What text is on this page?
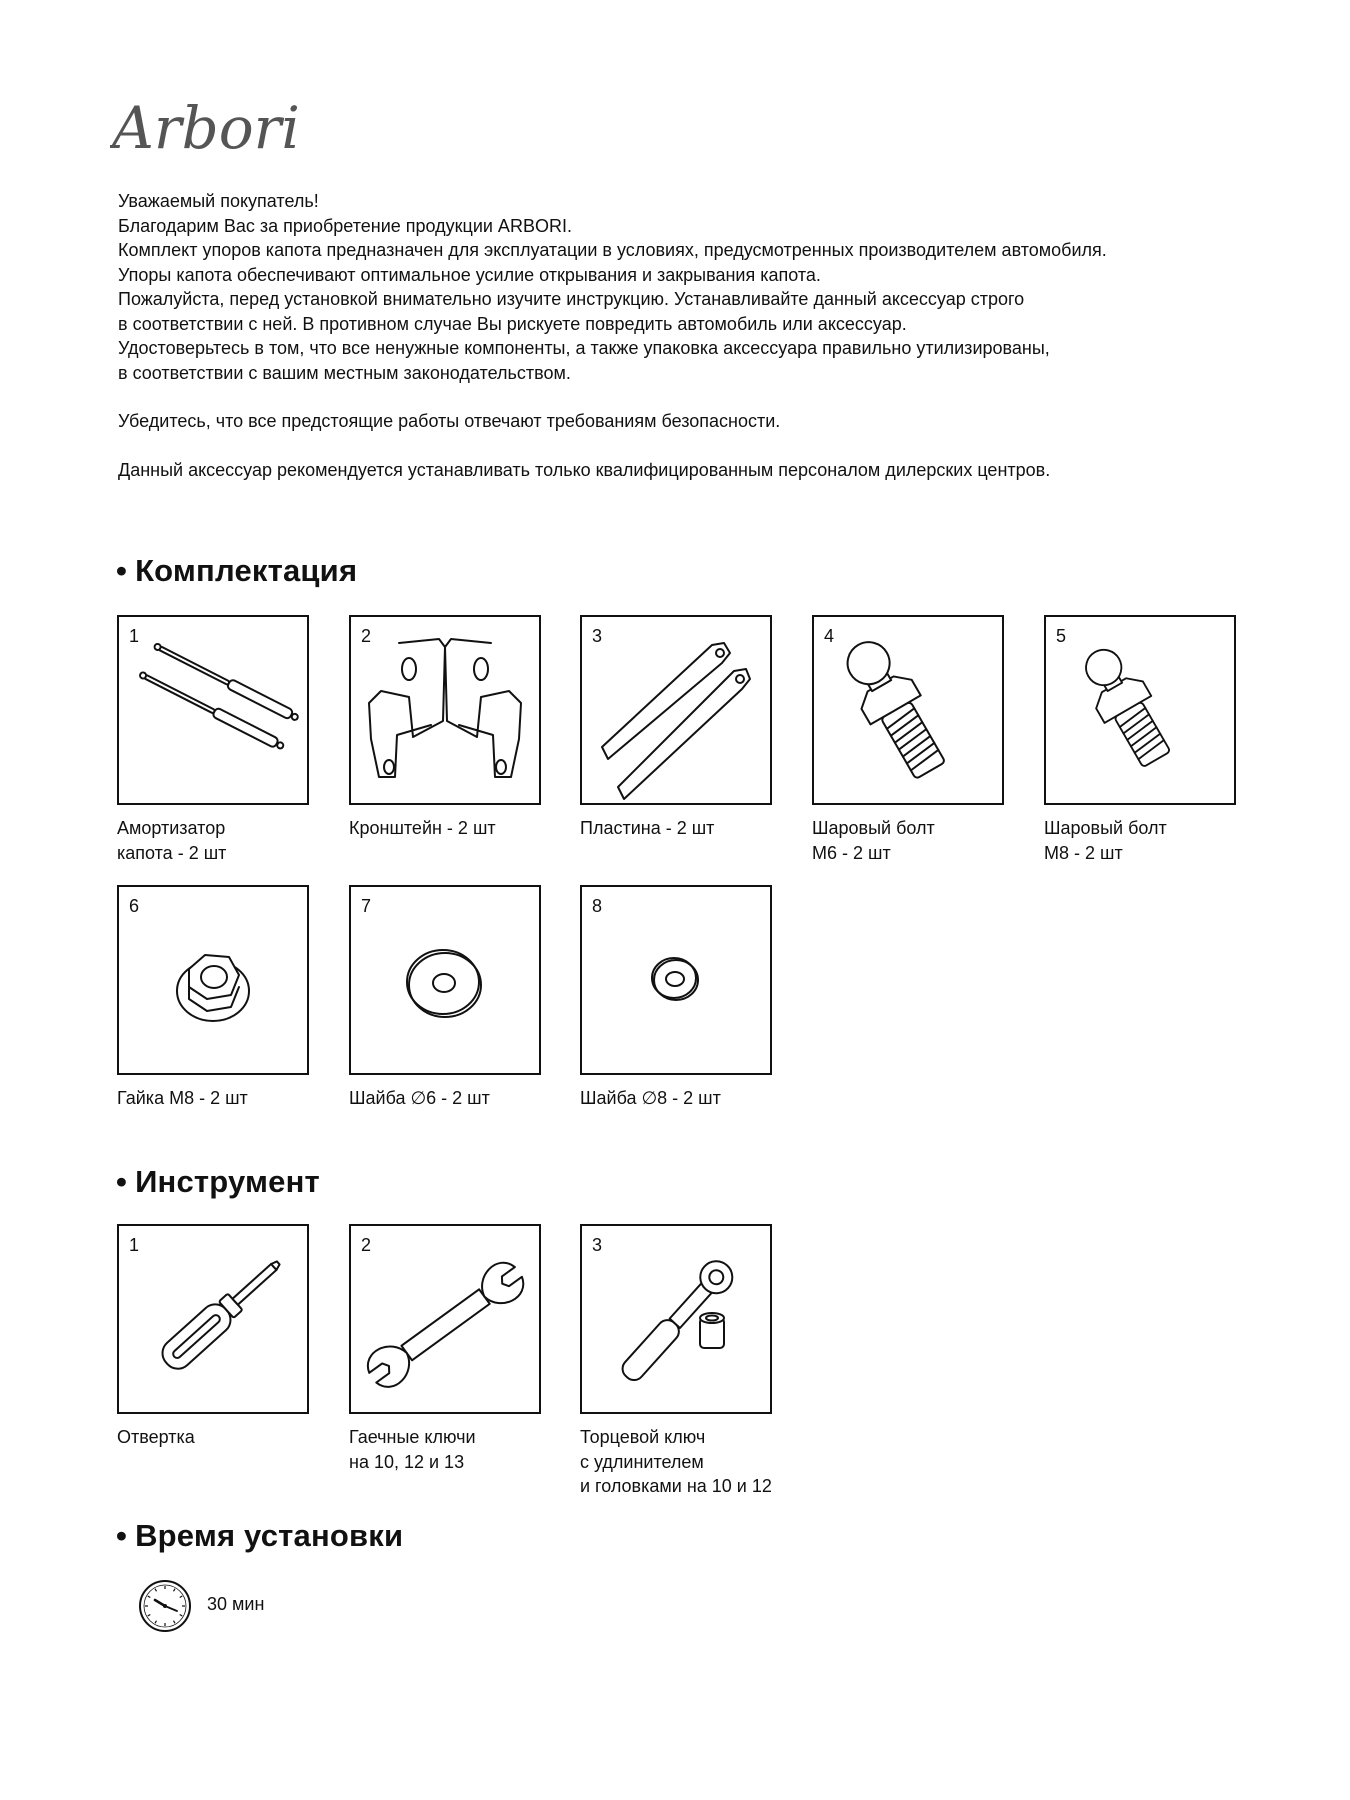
Arbori

Уважаемый покупатель!

Благодарим Вас за приобретение продукции ARBORI.

Комплект упоров капота предназначен для эксплуатации в условиях, предусмотренных производителем автомобиля.

Упоры капота обеспечивают оптимальное усилие открывания и закрывания капота.

Пожалуйста, перед установкой внимательно изучите инструкцию. Устанавливайте данный аксессуар строго

в соответствии с ней. В противном случае Вы рискуете повредить автомобиль или аксессуар.

Удостоверьтесь в том, что все ненужные компоненты, а также упаковка аксессуара правильно утилизированы,

в соответствии с вашим местным законодательством.

Убедитесь, что все предстоящие работы отвечают требованиям безопасности.

Данный аксессуар рекомендуется устанавливать только квалифицированным персоналом дилерских центров.

• Комплектация
1
Амортизатор
капота - 2 шт
2
Кронштейн - 2 шт
3
Пластина - 2 шт
4
Шаровый болт
М6 - 2 шт
5
Шаровый болт
М8 - 2 шт
6
Гайка М8 - 2 шт
7
Шайба ∅6 - 2 шт
8
Шайба ∅8 - 2 шт
• Инструмент
1
Отвертка
2
Гаечные ключи
на 10, 12 и 13
3
Торцевой ключ
с удлинителем
и головками на 10 и 12
• Время установки
30 мин
